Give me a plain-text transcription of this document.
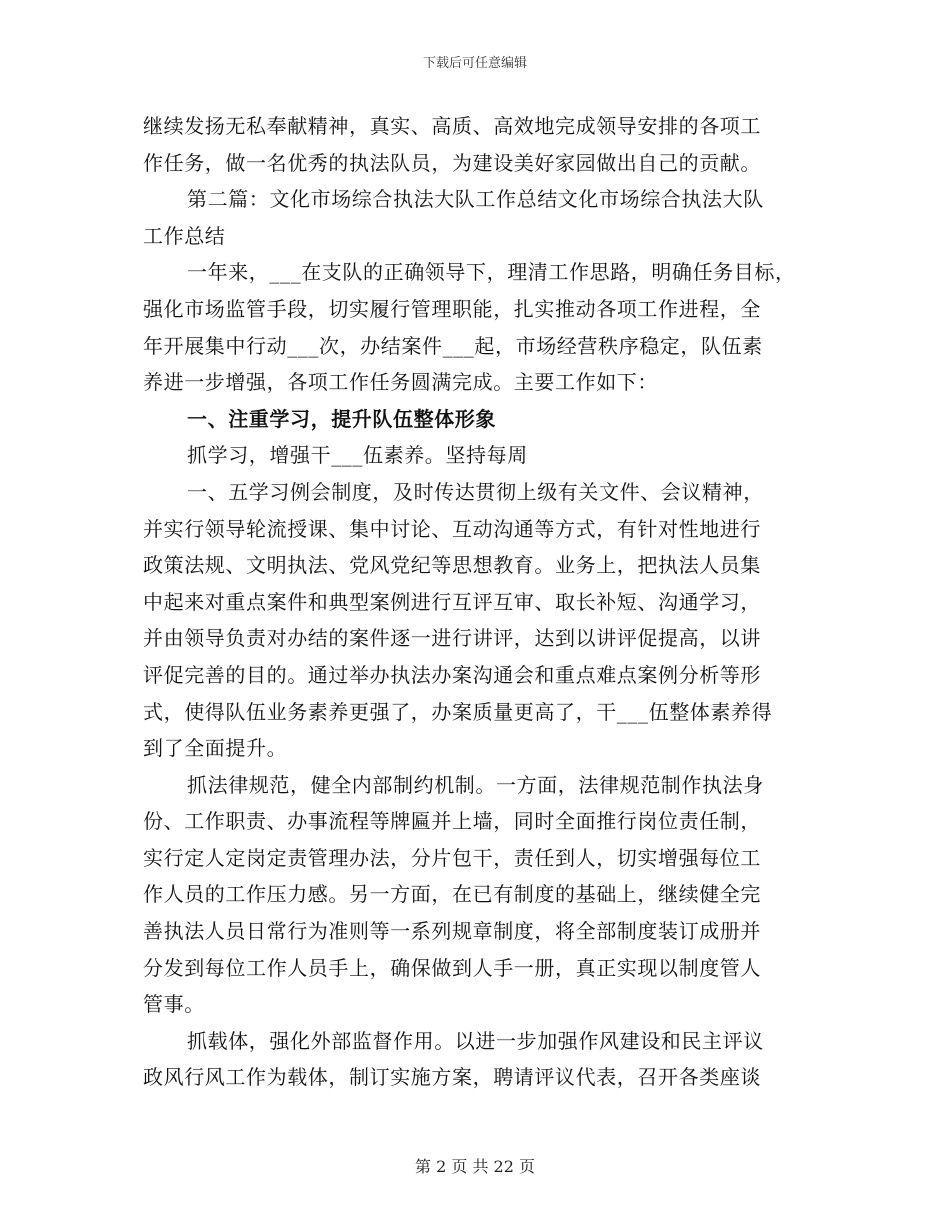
下载后可任意编辑
继续发扬无私奉献精神，真实、高质、高效地完成领导安排的各项工
作任务，做一名优秀的执法队员，为建设美好家园做出自己的贡献。
第二篇：文化市场综合执法大队工作总结文化市场综合执法大队
工作总结
一年来，___在支队的正确领导下，理清工作思路，明确任务目标，
强化市场监管手段，切实履行管理职能，扎实推动各项工作进程，全
年开展集中行动___次，办结案件___起，市场经营秩序稳定，队伍素
养进一步增强，各项工作任务圆满完成。主要工作如下：
一、注重学习，提升队伍整体形象
抓学习，增强干___伍素养。坚持每周
一、五学习例会制度，及时传达贯彻上级有关文件、会议精神，
并实行领导轮流授课、集中讨论、互动沟通等方式，有针对性地进行
政策法规、文明执法、党风党纪等思想教育。业务上，把执法人员集
中起来对重点案件和典型案例进行互评互审、取长补短、沟通学习，
并由领导负责对办结的案件逐一进行讲评，达到以讲评促提高，以讲
评促完善的目的。通过举办执法办案沟通会和重点难点案例分析等形
式，使得队伍业务素养更强了，办案质量更高了，干___伍整体素养得
到了全面提升。
抓法律规范，健全内部制约机制。一方面，法律规范制作执法身
份、工作职责、办事流程等牌匾并上墙，同时全面推行岗位责任制，
实行定人定岗定责管理办法，分片包干，责任到人，切实增强每位工
作人员的工作压力感。另一方面，在已有制度的基础上，继续健全完
善执法人员日常行为准则等一系列规章制度，将全部制度装订成册并
分发到每位工作人员手上，确保做到人手一册，真正实现以制度管人
管事。
抓载体，强化外部监督作用。以进一步加强作风建设和民主评议
政风行风工作为载体，制订实施方案，聘请评议代表，召开各类座谈
第 2 页 共 22 页
